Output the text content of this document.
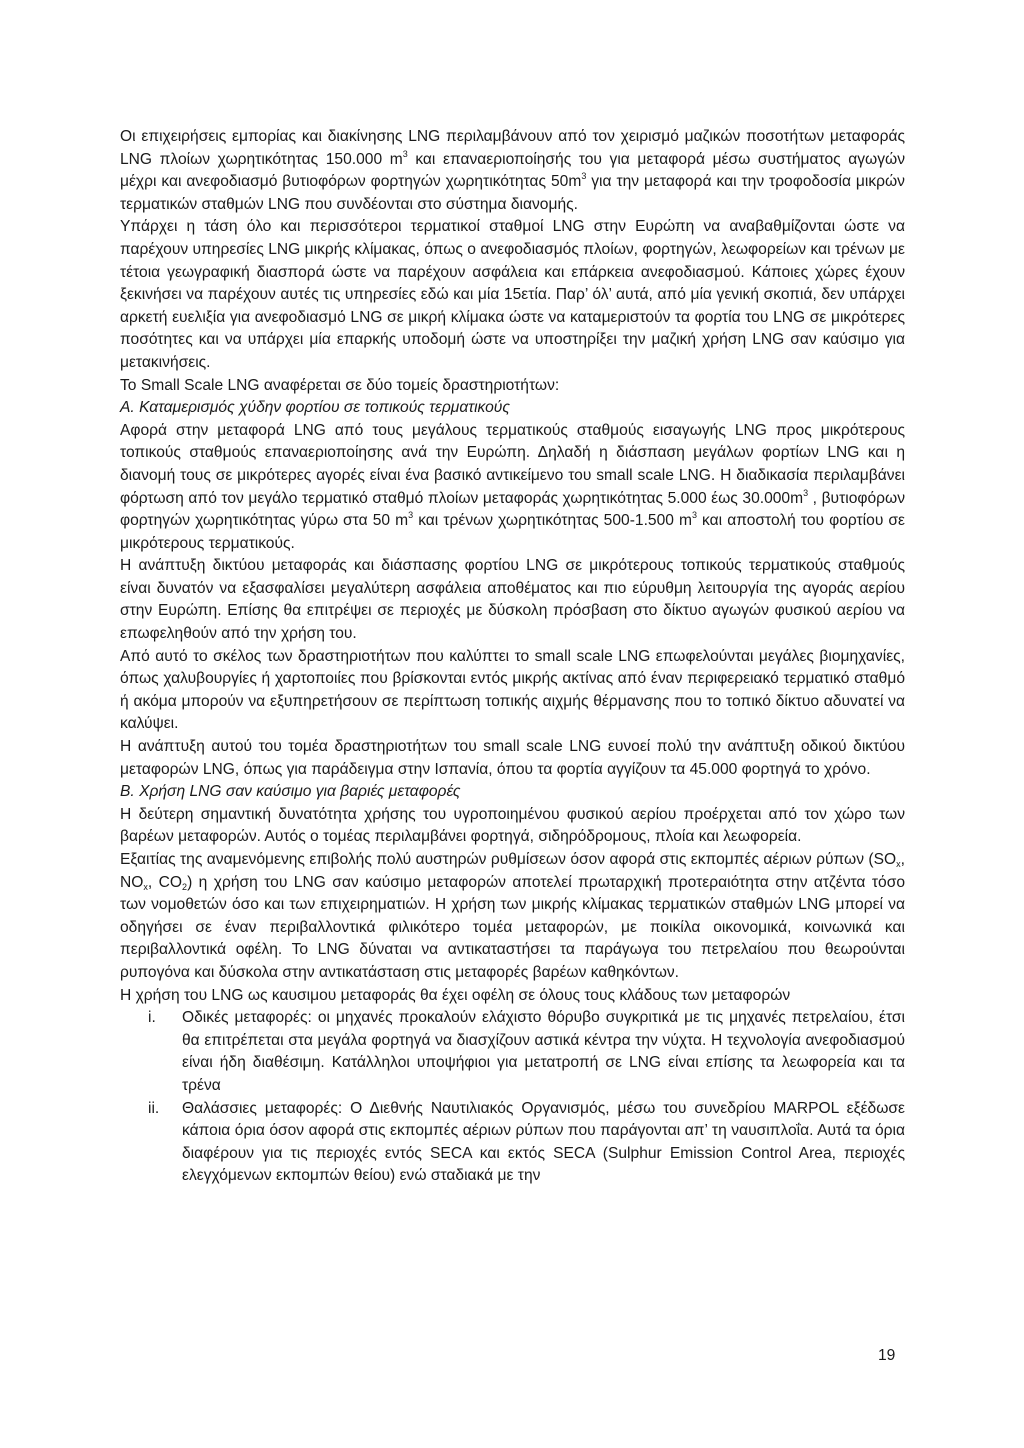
Οι επιχειρήσεις εμπορίας και διακίνησης LNG περιλαμβάνουν από τον χειρισμό μαζικών ποσοτήτων μεταφοράς LNG πλοίων χωρητικότητας 150.000 $m^3$ και επαναεριοποίησής του για μεταφορά μέσω συστήματος αγωγών μέχρι και ανεφοδιασμό βυτιοφόρων φορτηγών χωρητικότητας $50m^3$ για την μεταφορά και την τροφοδοσία μικρών τερματικών σταθμών LNG που συνδέονται στο σύστημα διανομής.

Υπάρχει η τάση όλο και περισσότεροι τερματικοί σταθμοί LNG στην Ευρώπη να αναβαθμίζονται ώστε να παρέχουν υπηρεσίες LNG μικρής κλίμακας, όπως ο ανεφοδιασμός πλοίων, φορτηγών, λεωφορείων και τρένων με τέτοια γεωγραφική διασπορά ώστε να παρέχουν ασφάλεια και επάρκεια ανεφοδιασμού. Κάποιες χώρες έχουν ξεκινήσει να παρέχουν αυτές τις υπηρεσίες εδώ και μία 15ετία. Παρ’ όλ’ αυτά, από μία γενική σκοπιά, δεν υπάρχει αρκετή ευελιξία για ανεφοδιασμό LNG σε μικρή κλίμακα ώστε να καταμεριστούν τα φορτία του LNG σε μικρότερες ποσότητες και να υπάρχει μία επαρκής υποδομή ώστε να υποστηρίξει την μαζική χρήση LNG σαν καύσιμο για μετακινήσεις.

Το Small Scale LNG αναφέρεται σε δύο τομείς δραστηριοτήτων:

Α. Καταμερισμός χύδην φορτίου σε τοπικούς τερματικούς

Αφορά στην μεταφορά LNG από τους μεγάλους τερματικούς σταθμούς εισαγωγής LNG προς μικρότερους τοπικούς σταθμούς επαναεριοποίησης ανά την Ευρώπη. Δηλαδή η διάσπαση μεγάλων φορτίων LNG και η διανομή τους σε μικρότερες αγορές είναι ένα βασικό αντικείμενο του small scale LNG. Η διαδικασία περιλαμβάνει φόρτωση από τον μεγάλο τερματικό σταθμό πλοίων μεταφοράς χωρητικότητας 5.000 έως $30.000m^3$ , βυτιοφόρων φορτηγών χωρητικότητας γύρω στα 50 $m^3$ και τρένων χωρητικότητας 500-1.500 $m^3$ και αποστολή του φορτίου σε μικρότερους τερματικούς.

Η ανάπτυξη δικτύου μεταφοράς και διάσπασης φορτίου LNG σε μικρότερους τοπικούς τερματικούς σταθμούς είναι δυνατόν να εξασφαλίσει μεγαλύτερη ασφάλεια αποθέματος και πιο εύρυθμη λειτουργία της αγοράς αερίου στην Ευρώπη. Επίσης θα επιτρέψει σε περιοχές με δύσκολη πρόσβαση στο δίκτυο αγωγών φυσικού αερίου να επωφεληθούν από την χρήση του.

Από αυτό το σκέλος των δραστηριοτήτων που καλύπτει το small scale LNG επωφελούνται μεγάλες βιομηχανίες, όπως χαλυβουργίες ή χαρτοποιίες που βρίσκονται εντός μικρής ακτίνας από έναν περιφερειακό τερματικό σταθμό ή ακόμα μπορούν να εξυπηρετήσουν σε περίπτωση τοπικής αιχμής θέρμανσης που το τοπικό δίκτυο αδυνατεί να καλύψει.

Η ανάπτυξη αυτού του τομέα δραστηριοτήτων του small scale LNG ευνοεί πολύ την ανάπτυξη οδικού δικτύου μεταφορών LNG, όπως για παράδειγμα στην Ισπανία, όπου τα φορτία αγγίζουν τα 45.000 φορτηγά το χρόνο.

Β. Χρήση LNG σαν καύσιμο για βαριές μεταφορές

Η δεύτερη σημαντική δυνατότητα χρήσης του υγροποιημένου φυσικού αερίου προέρχεται από τον χώρο των βαρέων μεταφορών. Αυτός ο τομέας περιλαμβάνει φορτηγά, σιδηρόδρομους, πλοία και λεωφορεία.

Εξαιτίας της αναμενόμενης επιβολής πολύ αυστηρών ρυθμίσεων όσον αφορά στις εκπομπές αέριων ρύπων ($SO_x$, $NO_x$, $CO_2$) η χρήση του LNG σαν καύσιμο μεταφορών αποτελεί πρωταρχική προτεραιότητα στην ατζέντα τόσο των νομοθετών όσο και των επιχειρηματιών. Η χρήση των μικρής κλίμακας τερματικών σταθμών LNG μπορεί να οδηγήσει σε έναν περιβαλλοντικά φιλικότερο τομέα μεταφορών, με ποικίλα οικονομικά, κοινωνικά και περιβαλλοντικά οφέλη. Το LNG δύναται να αντικαταστήσει τα παράγωγα του πετρελαίου που θεωρούνται ρυπογόνα και δύσκολα στην αντικατάσταση στις μεταφορές βαρέων καθηκόντων.

Η χρήση του LNG ως καυσιμου μεταφοράς θα έχει οφέλη σε όλους τους κλάδους των μεταφορών

i.	Οδικές μεταφορές: οι μηχανές προκαλούν ελάχιστο θόρυβο συγκριτικά με τις μηχανές πετρελαίου, έτσι θα επιτρέπεται στα μεγάλα φορτηγά να διασχίζουν αστικά κέντρα την νύχτα. Η τεχνολογία ανεφοδιασμού είναι ήδη διαθέσιμη. Κατάλληλοι υποψήφιοι για μετατροπή σε LNG είναι επίσης τα λεωφορεία και τα τρένα
ii.	Θαλάσσιες μεταφορές: Ο Διεθνής Ναυτιλιακός Οργανισμός, μέσω του συνεδρίου MARPOL εξέδωσε κάποια όρια όσον αφορά στις εκπομπές αέριων ρύπων που παράγονται απ’ τη ναυσιπλοΐα. Αυτά τα όρια διαφέρουν για τις περιοχές εντός SECA και εκτός SECA (Sulphur Emission Control Area, περιοχές ελεγχόμενων εκπομπών θείου) ενώ σταδιακά με την
19
